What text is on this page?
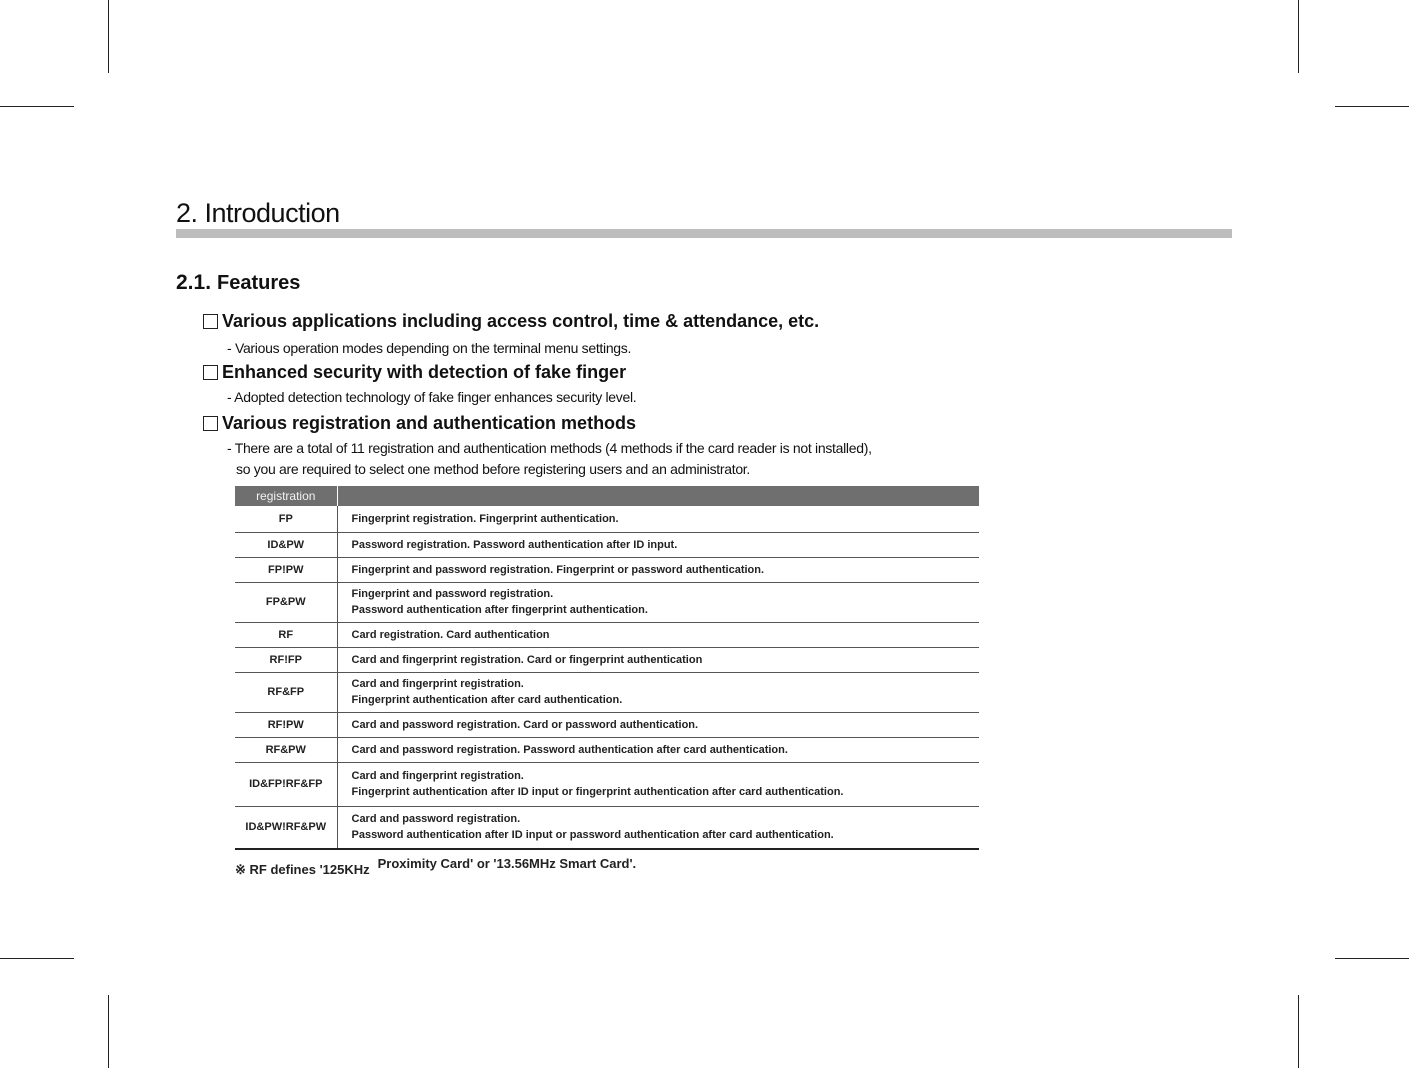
2. Introduction
2.1. Features

Various applications including access control, time & attendance, etc.

- Various operation modes depending on the terminal menu settings.

Enhanced security with detection of fake finger

- Adopted detection technology of fake finger enhances security level.

Various registration and authentication methods

- There are a total of 11 registration and authentication methods (4 methods if the card reader is not installed),

so you are required to select one method before registering users and an administrator.

registration	
FP	Fingerprint registration. Fingerprint authentication.

ID&PW	Password registration. Password authentication after ID input.

FP!PW	Fingerprint and password registration. Fingerprint or password authentication.

FP&PW	Fingerprint and password registration.
Password authentication after fingerprint authentication.

RF	Card registration. Card authentication

RF!FP	Card and fingerprint registration. Card or fingerprint authentication

RF&FP	Card and fingerprint registration.
Fingerprint authentication after card authentication.

RF!PW	Card and password registration. Card or password authentication.

RF&PW	Card and password registration. Password authentication after card authentication.

ID&FP!RF&FP	Card and fingerprint registration.
Fingerprint authentication after ID input or fingerprint authentication after card authentication.

ID&PW!RF&PW	Card and password registration.
Password authentication after ID input or password authentication after card authentication.

※ RF defines '125KHz Proximity Card' or '13.56MHz Smart Card'.
